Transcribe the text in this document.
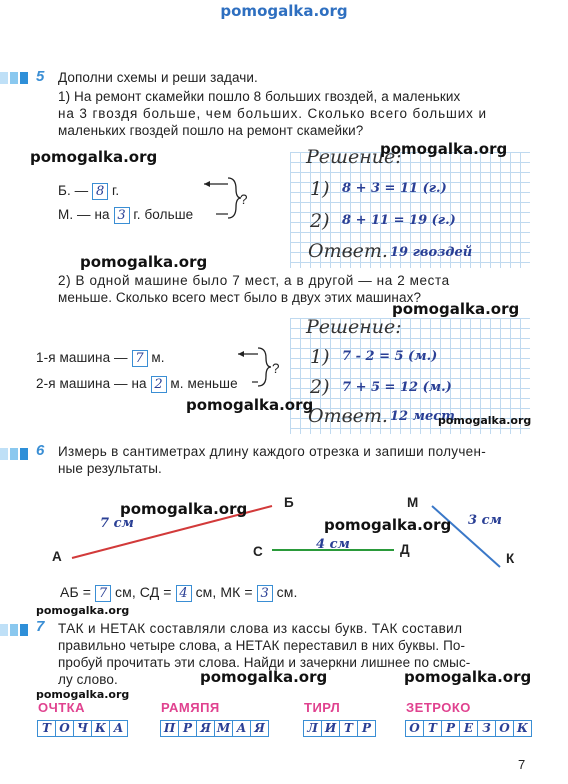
pomogalka.org
5 Дополни схемы и реши задачи.
1) На ремонт скамейки пошло 8 больших гвоздей, а маленьких
на 3 гвоздя больше, чем больших. Сколько всего больших и
маленьких гвоздей пошло на ремонт скамейки?
pomogalka.org
Б. — 8 г.
М. — на 3 г. больше
?
Решение:
pomogalka.org
1) 8 + 3 = 11 (г.)
2) 8 + 11 = 19 (г.)
Ответ. 19 гвоздей
pomogalka.org
2) В одной машине было 7 мест, а в другой — на 2 места
меньше. Сколько всего мест было в двух этих машинах?
pomogalka.org
Решение:
1) 7 - 2 = 5 (м.)
2) 7 + 5 = 12 (м.)
Ответ. 12 мест
pomogalka.org
1-я машина — 7 м.
2-я машина — на 2 м. меньше
?
pomogalka.org
6 Измерь в сантиметрах длину каждого отрезка и запиши получен-
ные результаты.
А
Б
С	Д
М
К
7 см
4 см
3 см
pomogalka.org
pomogalka.org
АБ = 7 см, СД = 4 см, МК = 3 см.
pomogalka.org
7 ТАК и НЕТАК составляли слова из кассы букв. ТАК составил
правильно четыре слова, а НЕТАК переставил в них буквы. По-
пробуй прочитать эти слова. Найди и зачеркни лишнее по смыс-
лу слово.	pomogalka.org	pomogalka.org
pomogalka.org
ОЧТКА	РАМЯПЯ	ТИРЛ	ЗЕТРОКО
Т О Ч К А	П Р Я М А Я	Л И Т Р	О Т Р Е З О К
7
